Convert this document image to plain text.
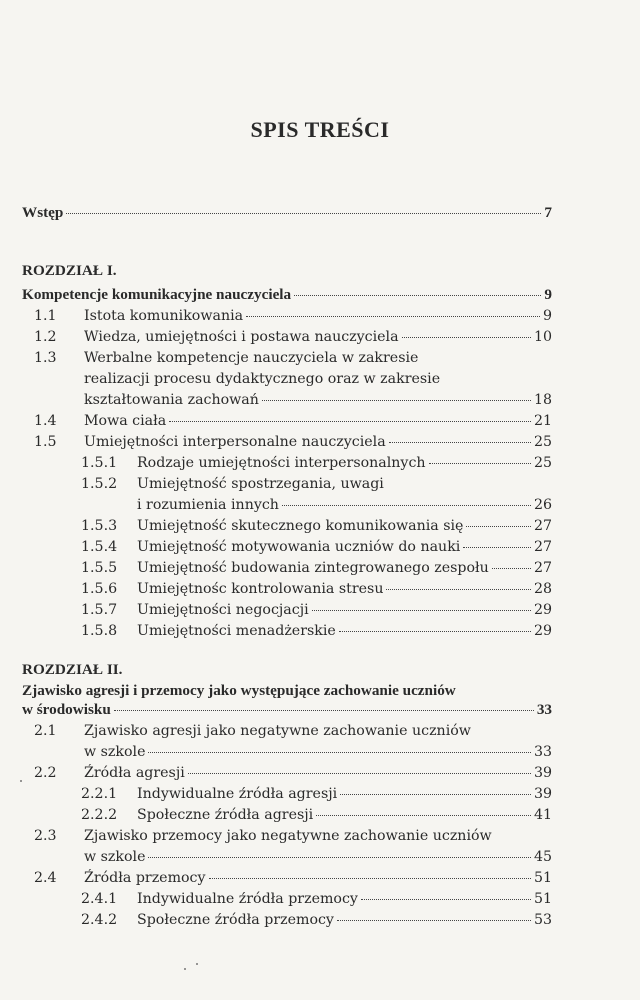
SPIS TREŚCI
Wstęp	7
ROZDZIAŁ I.
Kompetencje komunikacyjne nauczyciela	9
1.1 Istota komunikowania	9
1.2 Wiedza, umiejętności i postawa nauczyciela	10
1.3 Werbalne kompetencje nauczyciela w zakresie
realizacji procesu dydaktycznego oraz w zakresie
kształtowania zachowań	18
1.4 Mowa ciała	21
1.5 Umiejętności interpersonalne nauczyciela	25
1.5.1 Rodzaje umiejętności interpersonalnych	25
1.5.2 Umiejętność spostrzegania, uwagi
i rozumienia innych	26
1.5.3 Umiejętność skutecznego komunikowania się	27
1.5.4 Umiejętność motywowania uczniów do nauki	27
1.5.5 Umiejętność budowania zintegrowanego zespołu	27
1.5.6 Umiejętnośc kontrolowania stresu	28
1.5.7 Umiejętności negocjacji	29
1.5.8 Umiejętności menadżerskie	29
ROZDZIAŁ II.
Zjawisko agresji i przemocy jako występujące zachowanie uczniów
w środowisku	33
2.1 Zjawisko agresji jako negatywne zachowanie uczniów
w szkole	33
2.2 Źródła agresji	39
2.2.1 Indywidualne źródła agresji	39
2.2.2 Społeczne źródła agresji	41
2.3 Zjawisko przemocy jako negatywne zachowanie uczniów
w szkole	45
2.4 Źródła przemocy	51
2.4.1 Indywidualne źródła przemocy	51
2.4.2 Społeczne źródła przemocy	53
